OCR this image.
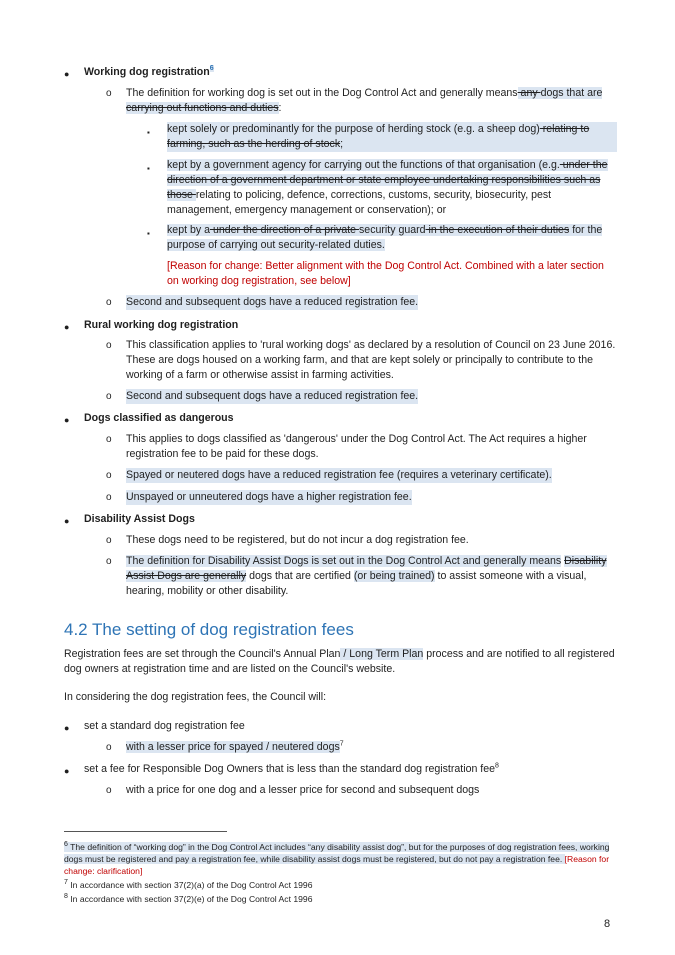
● Working dog registration$^6$
o The definition for working dog is set out in the Dog Control Act and generally means any dogs that are carrying out functions and duties:
▪ kept solely or predominantly for the purpose of herding stock (e.g. a sheep dog) relating to farming, such as the herding of stock;
▪ kept by a government agency for carrying out the functions of that organisation (e.g. under the direction of a government department or state employee undertaking responsibilities such as those relating to policing, defence, corrections, customs, security, biosecurity, pest management, emergency management or conservation); or
▪ kept by a under the direction of a private security guard in the execution of their duties for the purpose of carrying out security-related duties.
[Reason for change: Better alignment with the Dog Control Act. Combined with a later section on working dog registration, see below]
o Second and subsequent dogs have a reduced registration fee.
● Rural working dog registration
o This classification applies to 'rural working dogs' as declared by a resolution of Council on 23 June 2016. These are dogs housed on a working farm, and that are kept solely or principally to contribute to the working of a farm or otherwise assist in farming activities.
o Second and subsequent dogs have a reduced registration fee.
● Dogs classified as dangerous
o This applies to dogs classified as 'dangerous' under the Dog Control Act. The Act requires a higher registration fee to be paid for these dogs.
o Spayed or neutered dogs have a reduced registration fee (requires a veterinary certificate).
o Unspayed or unneutered dogs have a higher registration fee.
● Disability Assist Dogs
o These dogs need to be registered, but do not incur a dog registration fee.
o The definition for Disability Assist Dogs is set out in the Dog Control Act and generally means Disability Assist Dogs are generally dogs that are certified (or being trained) to assist someone with a visual, hearing, mobility or other disability.
4.2 The setting of dog registration fees
Registration fees are set through the Council's Annual Plan / Long Term Plan process and are notified to all registered dog owners at registration time and are listed on the Council's website.
In considering the dog registration fees, the Council will:
● set a standard dog registration fee
o with a lesser price for spayed / neutered dogs$^7$
● set a fee for Responsible Dog Owners that is less than the standard dog registration fee$^8$
o with a price for one dog and a lesser price for second and subsequent dogs
$^6$ The definition of “working dog” in the Dog Control Act includes “any disability assist dog”, but for the purposes of dog registration fees, working dogs must be registered and pay a registration fee, while disability assist dogs must be registered, but do not pay a registration fee. [Reason for change: clarification]
$^7$ In accordance with section 37(2)(a) of the Dog Control Act 1996
$^8$ In accordance with section 37(2)(e) of the Dog Control Act 1996
8
